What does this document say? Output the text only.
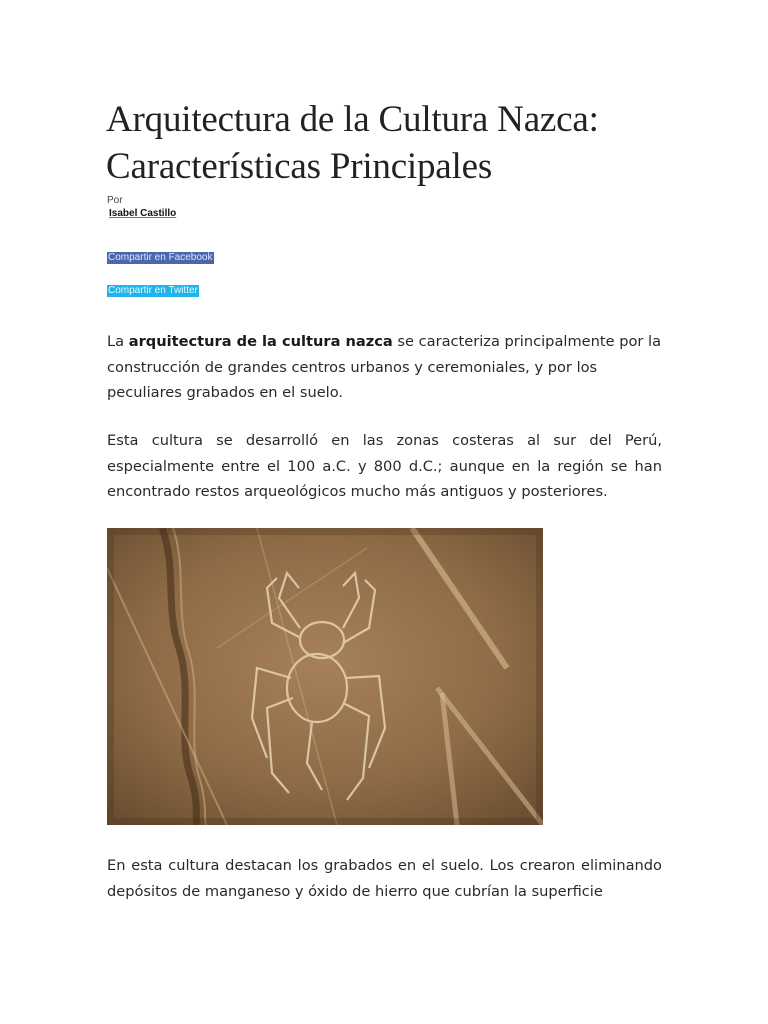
Arquitectura de la Cultura Nazca:
Características Principales
Por
Isabel Castillo
Compartir en Facebook
Compartir en Twitter

La arquitectura de la cultura nazca se caracteriza principalmente por la construcción de grandes centros urbanos y ceremoniales, y por los peculiares grabados en el suelo.

Esta cultura se desarrolló en las zonas costeras al sur del Perú, especialmente entre el 100 a.C. y 800 d.C.; aunque en la región se han encontrado restos arqueológicos mucho más antiguos y posteriores.

En esta cultura destacan los grabados en el suelo. Los crearon eliminando depósitos de manganeso y óxido de hierro que cubrían la superficie
